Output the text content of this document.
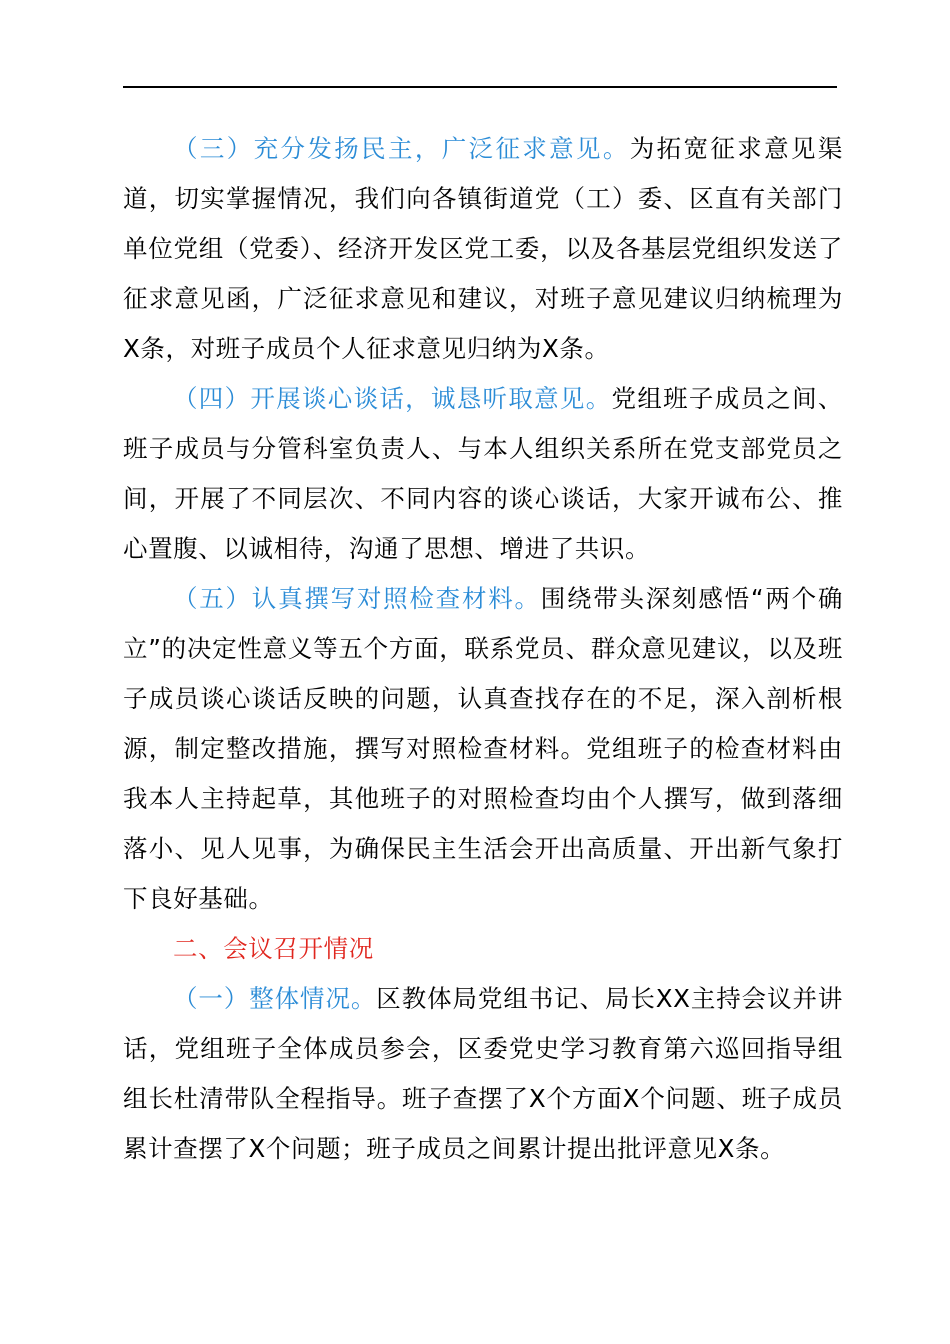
（三）充分发扬民主，广泛征求意见。为拓宽征求意见渠道，切实掌握情况，我们向各镇街道党（工）委、区直有关部门单位党组（党委）、经济开发区党工委，以及各基层党组织发送了征求意见函，广泛征求意见和建议，对班子意见建议归纳梳理为X条，对班子成员个人征求意见归纳为X条。

（四）开展谈心谈话，诚恳听取意见。党组班子成员之间、班子成员与分管科室负责人、与本人组织关系所在党支部党员之间，开展了不同层次、不同内容的谈心谈话，大家开诚布公、推心置腹、以诚相待，沟通了思想、增进了共识。

（五）认真撰写对照检查材料。围绕带头深刻感悟“两个确立”的决定性意义等五个方面，联系党员、群众意见建议，以及班子成员谈心谈话反映的问题，认真查找存在的不足，深入剖析根源，制定整改措施，撰写对照检查材料。党组班子的检查材料由我本人主持起草，其他班子的对照检查均由个人撰写，做到落细落小、见人见事，为确保民主生活会开出高质量、开出新气象打下良好基础。

二、会议召开情况

（一）整体情况。区教体局党组书记、局长XX主持会议并讲话，党组班子全体成员参会，区委党史学习教育第六巡回指导组组长杜清带队全程指导。班子查摆了X个方面X个问题、班子成员累计查摆了X个问题；班子成员之间累计提出批评意见X条。
